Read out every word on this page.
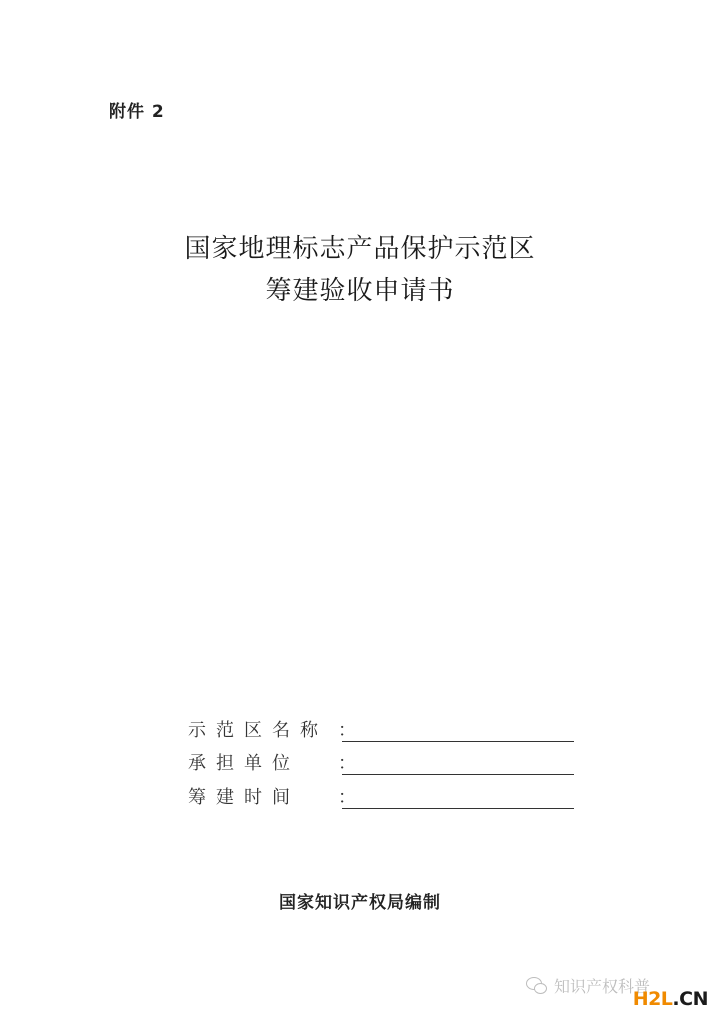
附件 2
国家地理标志产品保护示范区
筹建验收申请书
示范区名称 ：
承担单位	：
筹建时间	：
国家知识产权局编制
知识产权科普
H2L.CN
